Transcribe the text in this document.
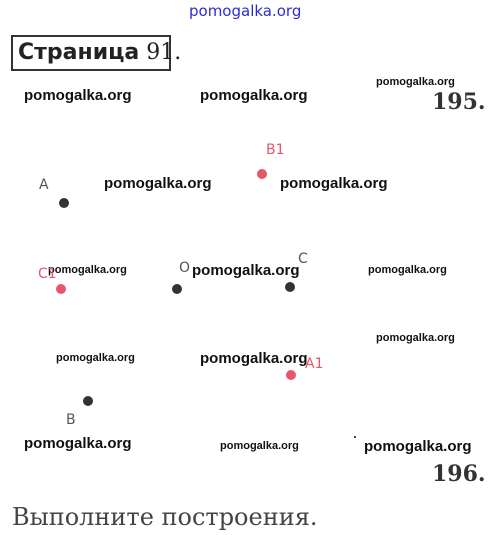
pomogalka.org
Страница 91.
195.
196.
pomogalka.org	pomogalka.org
pomogalka.org
pomogalka.org	pomogalka.org
pomogalka.org	pomogalka.org	pomogalka.org
pomogalka.org
pomogalka.org	pomogalka.org
pomogalka.org	pomogalka.org	pomogalka.org
A
B1
C1	O
C
A1
B
Выполните построения.
